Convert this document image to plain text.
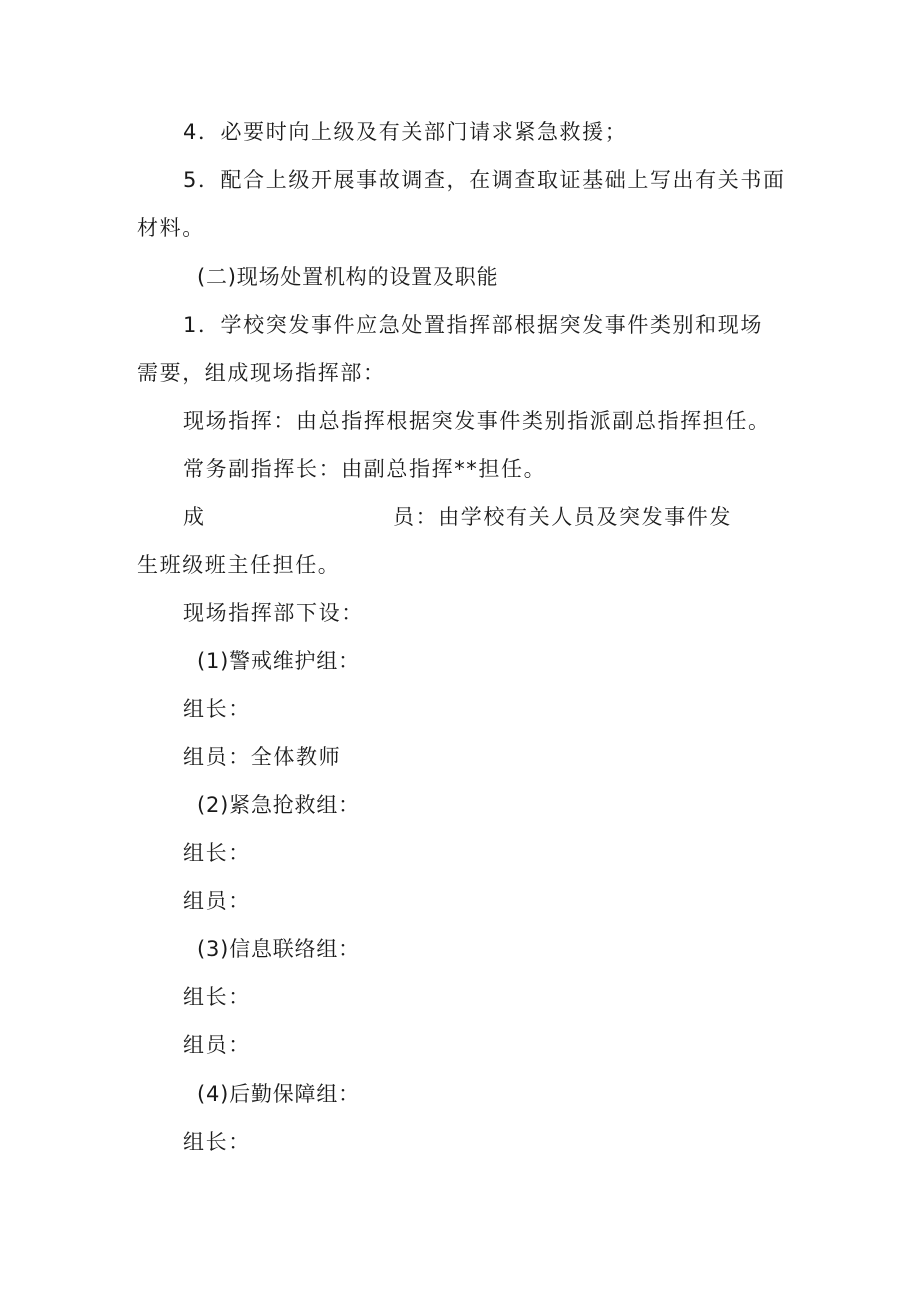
4．必要时向上级及有关部门请求紧急救援；
5．配合上级开展事故调查，在调查取证基础上写出有关书面
材料。
(二)现场处置机构的设置及职能
1．学校突发事件应急处置指挥部根据突发事件类别和现场
需要，组成现场指挥部：
现场指挥：由总指挥根据突发事件类别指派副总指挥担任。
常务副指挥长：由副总指挥**担任。
成	员：由学校有关人员及突发事件发
生班级班主任担任。
现场指挥部下设：
(1)警戒维护组：
组长：
组员：全体教师
(2)紧急抢救组：
组长：
组员：
(3)信息联络组：
组长：
组员：
(4)后勤保障组：
组长：
